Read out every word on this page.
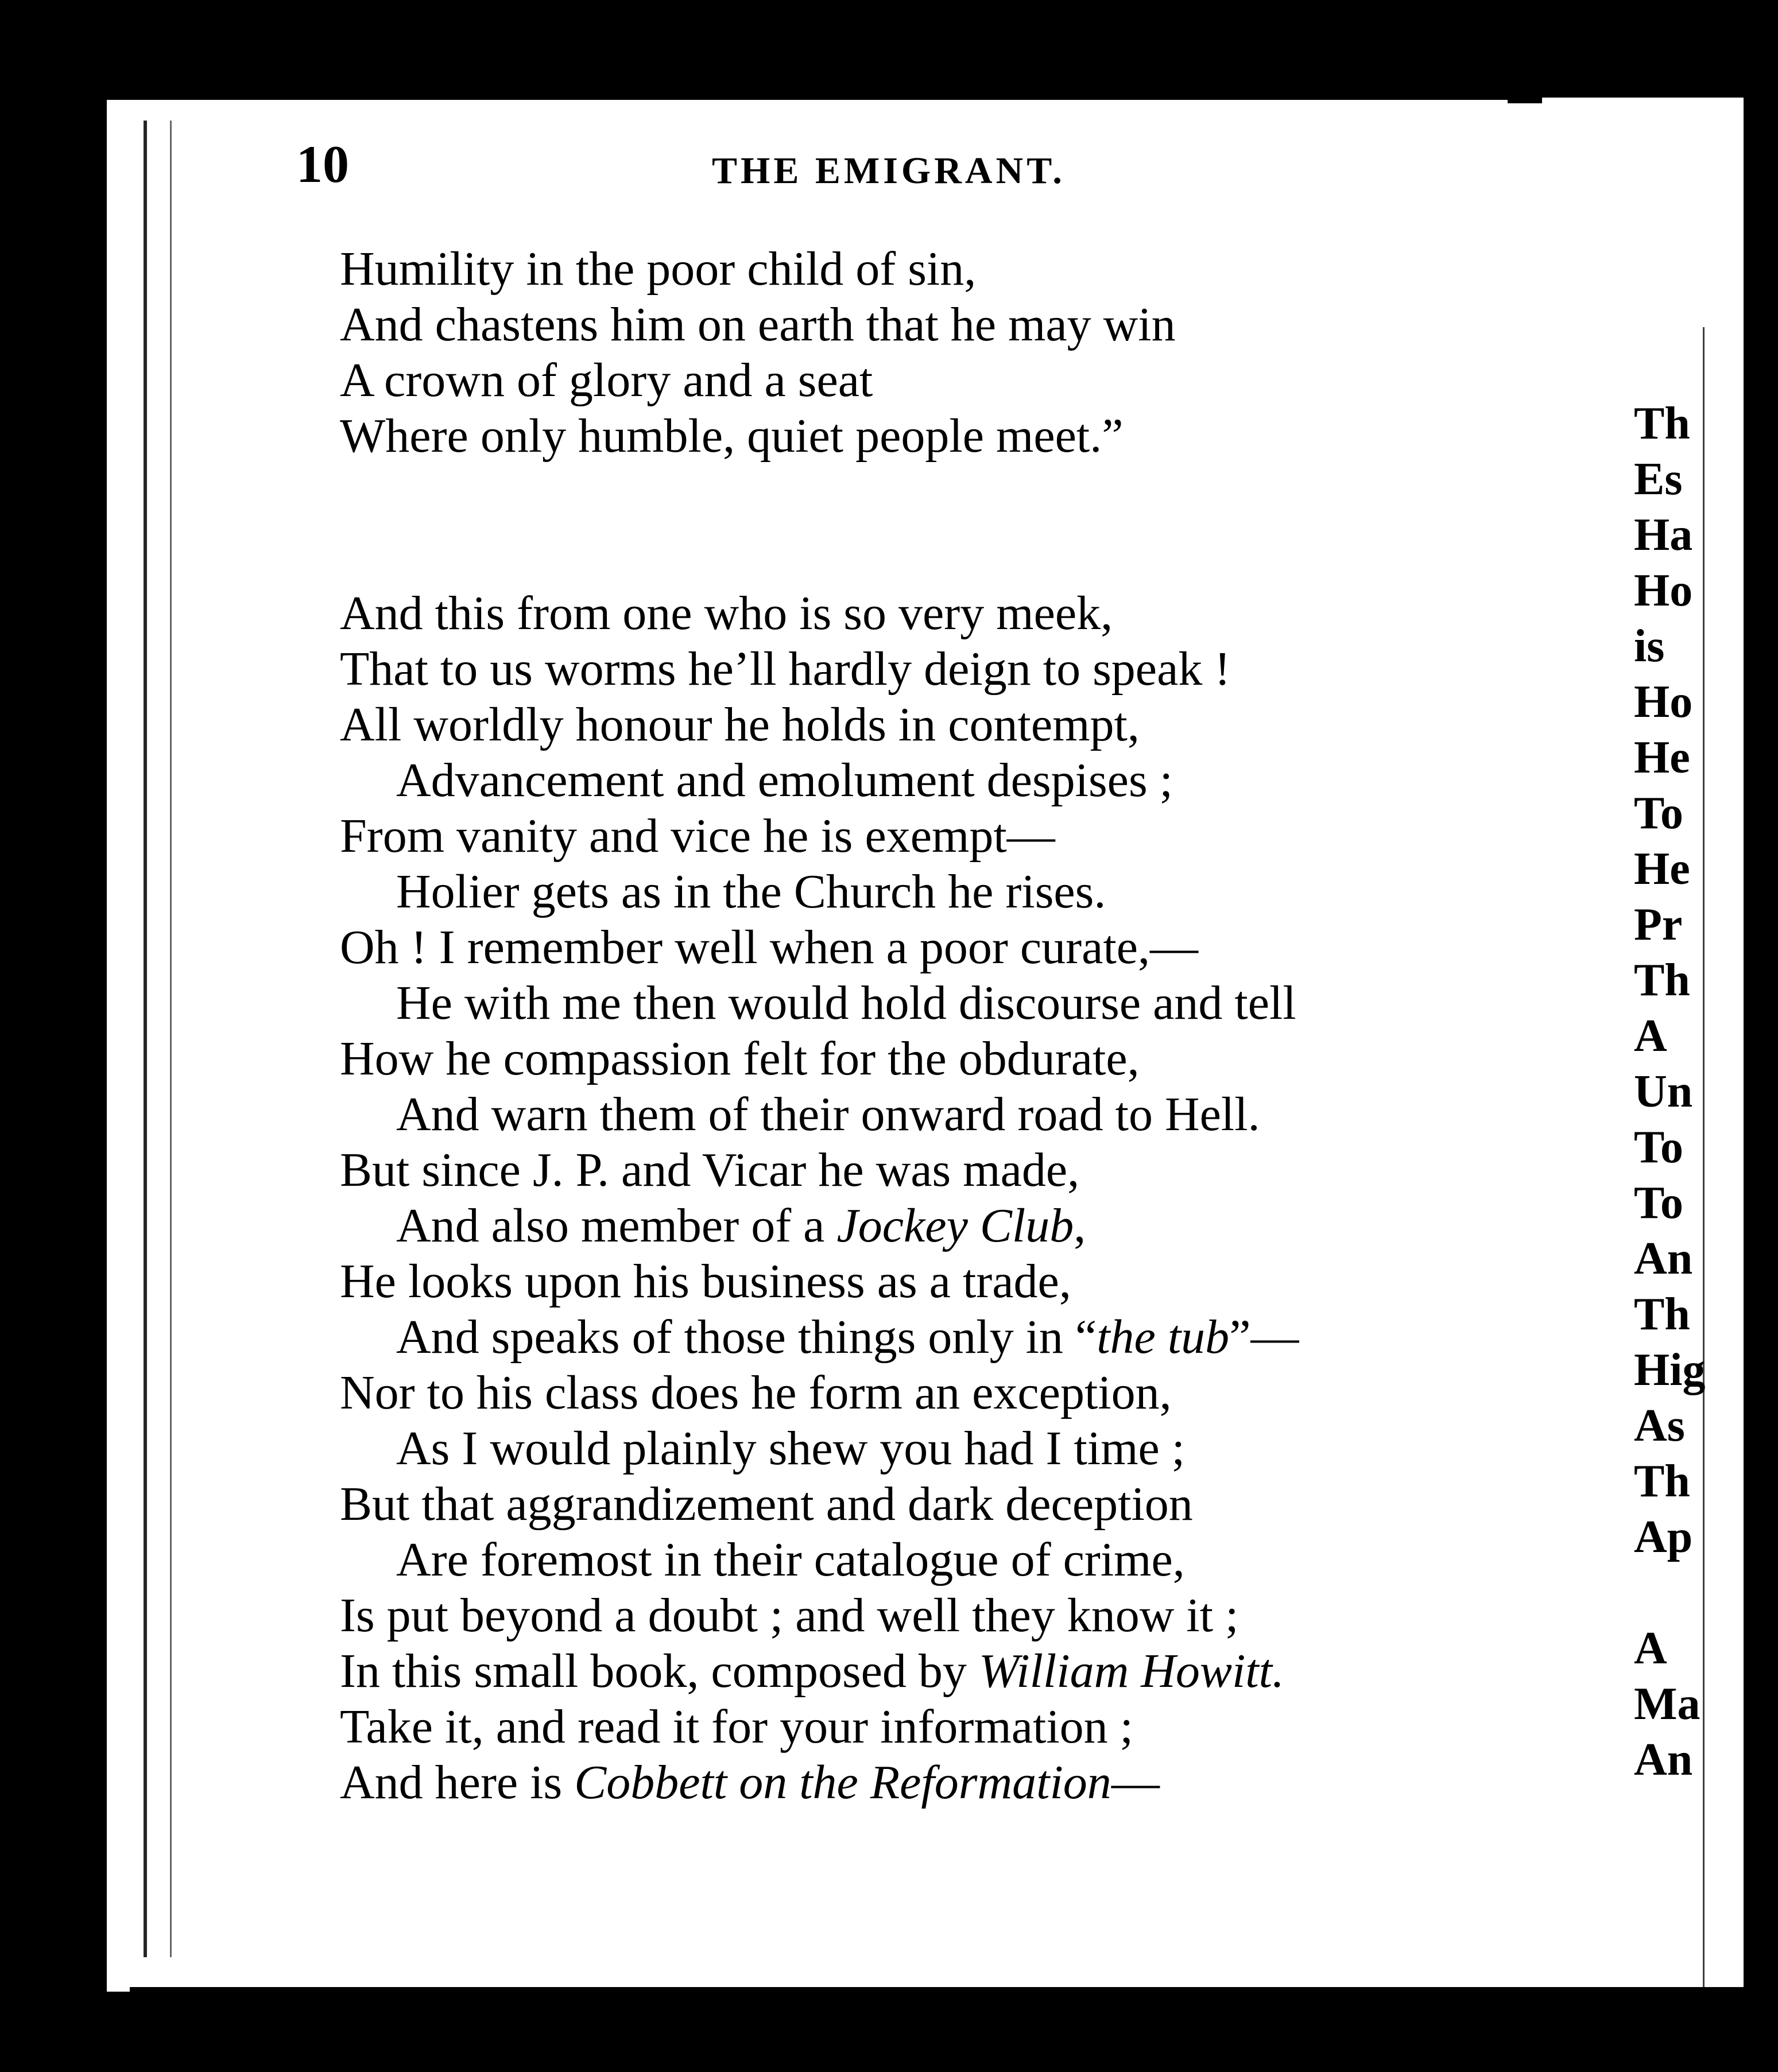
10	THE EMIGRANT.
Humility in the poor child of sin,
And chastens him on earth that he may win
A crown of glory and a seat
Where only humble, quiet people meet.”
And this from one who is so very meek,
That to us worms he’ll hardly deign to speak !
All worldly honour he holds in contempt,
Advancement and emolument despises ;
From vanity and vice he is exempt—
Holier gets as in the Church he rises.
Oh ! I remember well when a poor curate,—
He with me then would hold discourse and tell
How he compassion felt for the obdurate,
And warn them of their onward road to Hell.
But since J. P. and Vicar he was made,
And also member of a Jockey Club,
He looks upon his business as a trade,
And speaks of those things only in “the tub”—
Nor to his class does he form an exception,
As I would plainly shew you had I time ;
But that aggrandizement and dark deception
Are foremost in their catalogue of crime,
Is put beyond a doubt ; and well they know it ;
In this small book, composed by William Howitt.
Take it, and read it for your information ;
And here is Cobbett on the Reformation—
Th
Es
Ha
Ho
is
Ho
He
To
He
Pr
Th
A
Un
To
To
An
Th
Hig
As
Th
Ap
A
Ma
An
